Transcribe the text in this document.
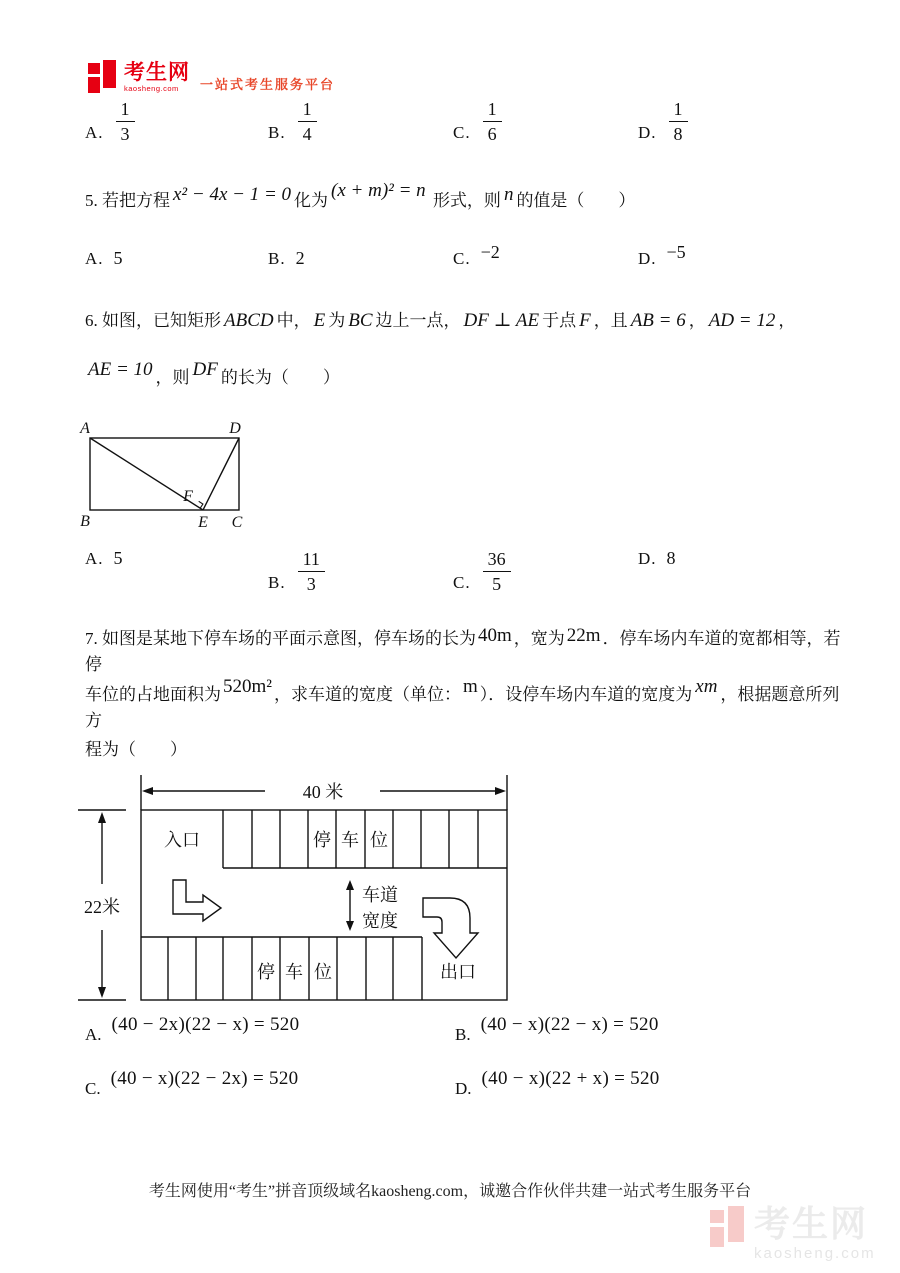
考生网
kaosheng.com	一站式考生服务平台
A. $\frac{1}{3}$	B. $\frac{1}{4}$	C. $\frac{1}{6}$	D. $\frac{1}{8}$
5. 若把方程 x² − 4x − 1 = 0 化为 (x + m)² = n 形式，则 n 的值是（　　）
A. 5	B. 2	C. −2	D. −5
6. 如图，已知矩形 ABCD 中， E 为 BC 边上一点， DF ⊥ AE 于点 F ，且 AB = 6 ， AD = 12 ，
AE = 10 ，则 DF 的长为（　　）
A	D
B	E C
F
A. 5
B. $\frac{11}{3}$	C. $\frac{36}{5}$	D. 8
7. 如图是某地下停车场的平面示意图，停车场的长为 40m ，宽为 22m ．停车场内车道的宽都相等，若停
车位的占地面积为 520m² ，求车道的宽度（单位： m ）．设停车场内车道的宽度为 xm ，根据题意所列方
程为（　　）
40 米
22米
入口
出口
车道
宽度
停 车 位
停 车 位
A. (40 − 2x)(22 − x) = 520	B. (40 − x)(22 − x) = 520
C. (40 − x)(22 − 2x) = 520	D. (40 − x)(22 + x) = 520
考生网使用“考生”拼音顶级域名kaosheng.com，诚邀合作伙伴共建一站式考生服务平台
考生网
kaosheng.com
